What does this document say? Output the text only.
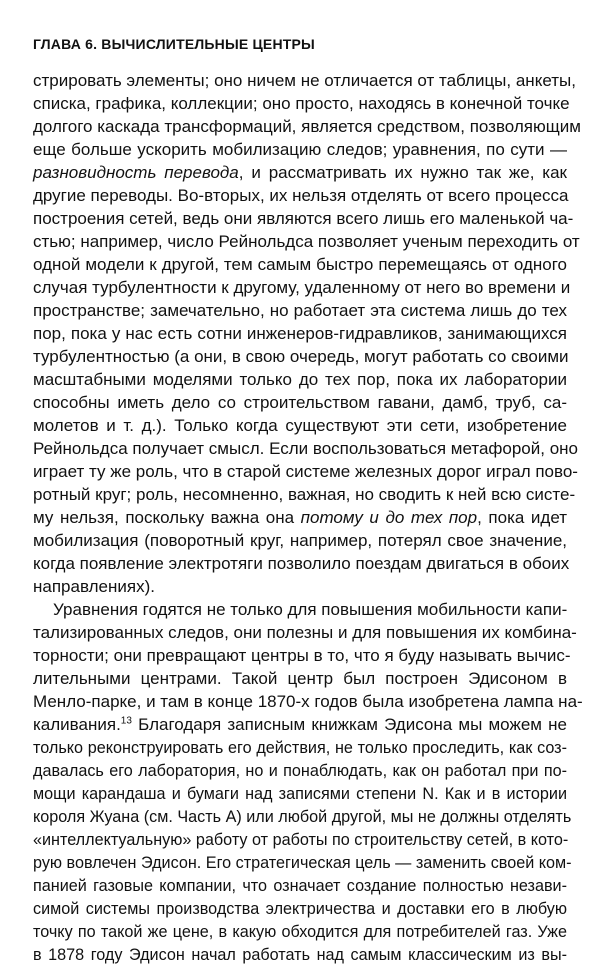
ГЛАВА 6. ВЫЧИСЛИТЕЛЬНЫЕ ЦЕНТРЫ
стрировать элементы; оно ничем не отличается от таблицы, анкеты,
списка, графика, коллекции; оно просто, находясь в конечной точке
долгого каскада трансформаций, является средством, позволяющим
еще больше ускорить мобилизацию следов; уравнения, по сути —
разновидность перевода, и рассматривать их нужно так же, как
другие переводы. Во-вторых, их нельзя отделять от всего процесса
построения сетей, ведь они являются всего лишь его маленькой ча-
стью; например, число Рейнольдса позволяет ученым переходить от
одной модели к другой, тем самым быстро перемещаясь от одного
случая турбулентности к другому, удаленному от него во времени и
пространстве; замечательно, но работает эта система лишь до тех
пор, пока у нас есть сотни инженеров-гидравликов, занимающихся
турбулентностью (а они, в свою очередь, могут работать со своими
масштабными моделями только до тех пор, пока их лаборатории
способны иметь дело со строительством гавани, дамб, труб, са-
молетов и т. д.). Только когда существуют эти сети, изобретение
Рейнольдса получает смысл. Если воспользоваться метафорой, оно
играет ту же роль, что в старой системе железных дорог играл пово-
ротный круг; роль, несомненно, важная, но сводить к ней всю систе-
му нельзя, поскольку важна она потому и до тех пор, пока идет
мобилизация (поворотный круг, например, потерял свое значение,
когда появление электротяги позволило поездам двигаться в обоих
направлениях).
Уравнения годятся не только для повышения мобильности капи-
тализированных следов, они полезны и для повышения их комбина-
торности; они превращают центры в то, что я буду называть вычис-
лительными центрами. Такой центр был построен Эдисоном в
Менло-парке, и там в конце 1870-х годов была изобретена лампа на-
каливания.$^{13}$ Благодаря записным книжкам Эдисона мы можем не
только реконструировать его действия, не только проследить, как соз-
давалась его лаборатория, но и понаблюдать, как он работал при по-
мощи карандаша и бумаги над записями степени N. Как и в истории
короля Жуана (см. Часть А) или любой другой, мы не должны отделять
«интеллектуальную» работу от работы по строительству сетей, в кото-
рую вовлечен Эдисон. Его стратегическая цель — заменить своей ком-
панией газовые компании, что означает создание полностью незави-
симой системы производства электричества и доставки его в любую
точку по такой же цене, в какую обходится для потребителей газ. Уже
в 1878 году Эдисон начал работать над самым классическим из вы-
